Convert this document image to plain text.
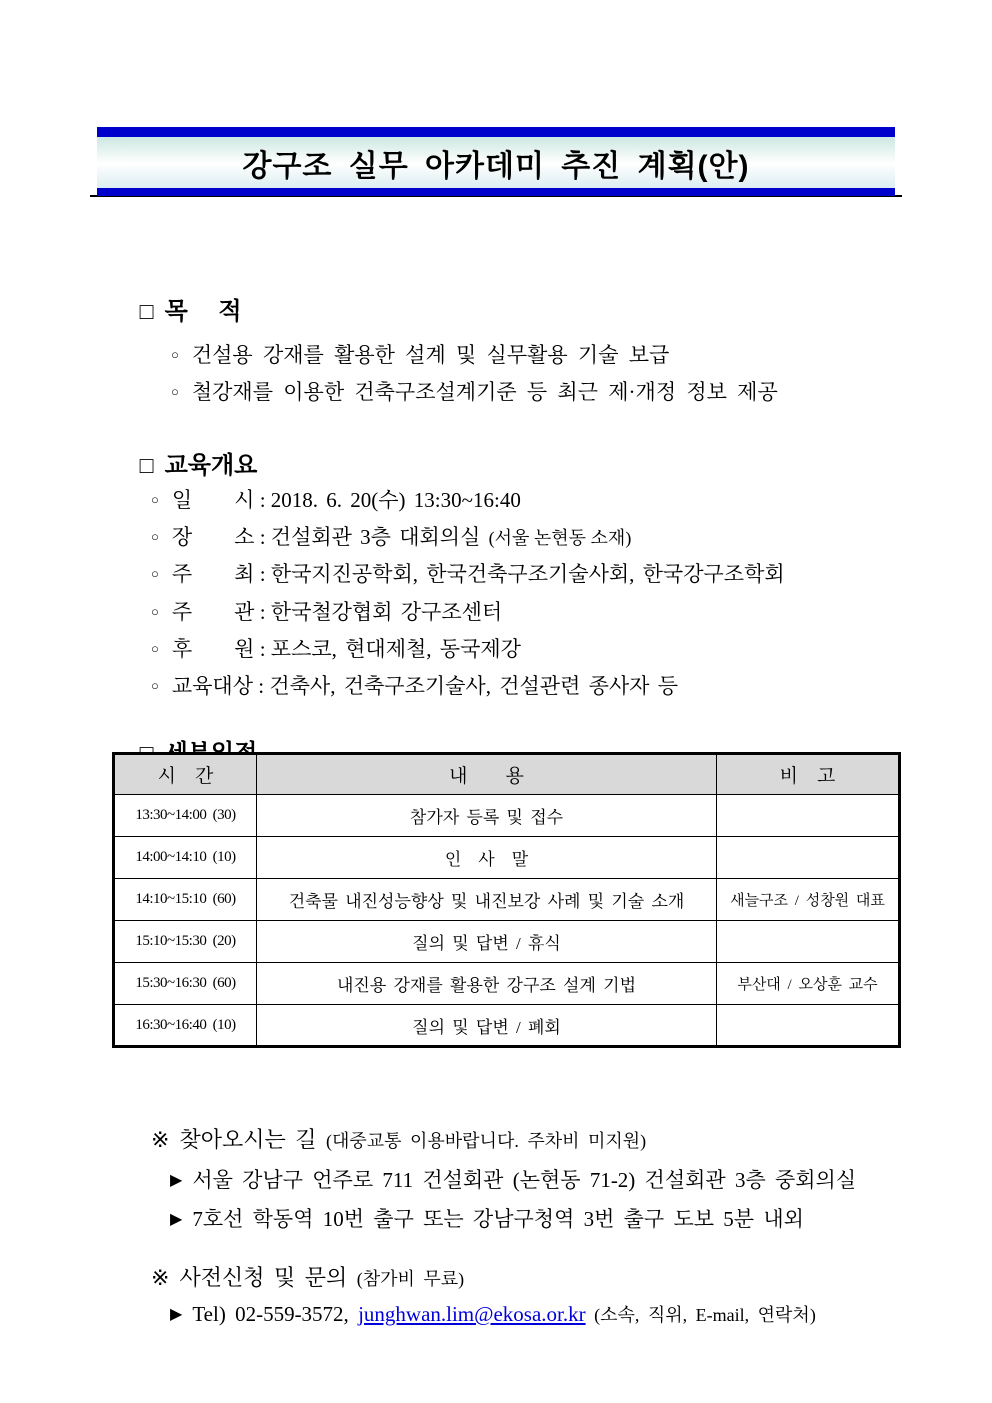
강구조 실무 아카데미 추진 계획(안)

□ 목　 적

○ 건설용 강재를 활용한 설계 및 실무활용 기술 보급

○ 철강재를 이용한 건축구조설계기준 등 최근 제·개정 정보 제공

□ 교육개요

○ 일　　시 : 2018. 6. 20(수) 13:30~16:40

○ 장　　소 : 건설회관 3층 대회의실 (서울 논현동 소재)

○ 주　　최 : 한국지진공학회, 한국건축구조기술사회, 한국강구조학회

○ 주　　관 : 한국철강협회 강구조센터

○ 후　　원 : 포스코, 현대제철, 동국제강

○ 교육대상 : 건축사, 건축구조기술사, 건설관련 종사자 등

시　간	내　　용	비　고
13:30~14:00 (30)	참가자 등록 및 접수	
14:00~14:10 (10)	인　사　말	
14:10~15:10 (60)	건축물 내진성능향상 및 내진보강 사례 및 기술 소개	새늘구조 / 성창원 대표
15:10~15:30 (20)	질의 및 답변 / 휴식	
15:30~16:30 (60)	내진용 강재를 활용한 강구조 설계 기법	부산대 / 오상훈 교수
16:30~16:40 (10)	질의 및 답변 / 폐회	

※ 찾아오시는 길 (대중교통 이용바랍니다. 주차비 미지원)

▶ 서울 강남구 언주로 711 건설회관 (논현동 71-2) 건설회관 3층 중회의실

▶ 7호선 학동역 10번 출구 또는 강남구청역 3번 출구 도보 5분 내외

※ 사전신청 및 문의 (참가비 무료)

▶ Tel) 02-559-3572, junghwan.lim@ekosa.or.kr (소속, 직위, E-mail, 연락처)
